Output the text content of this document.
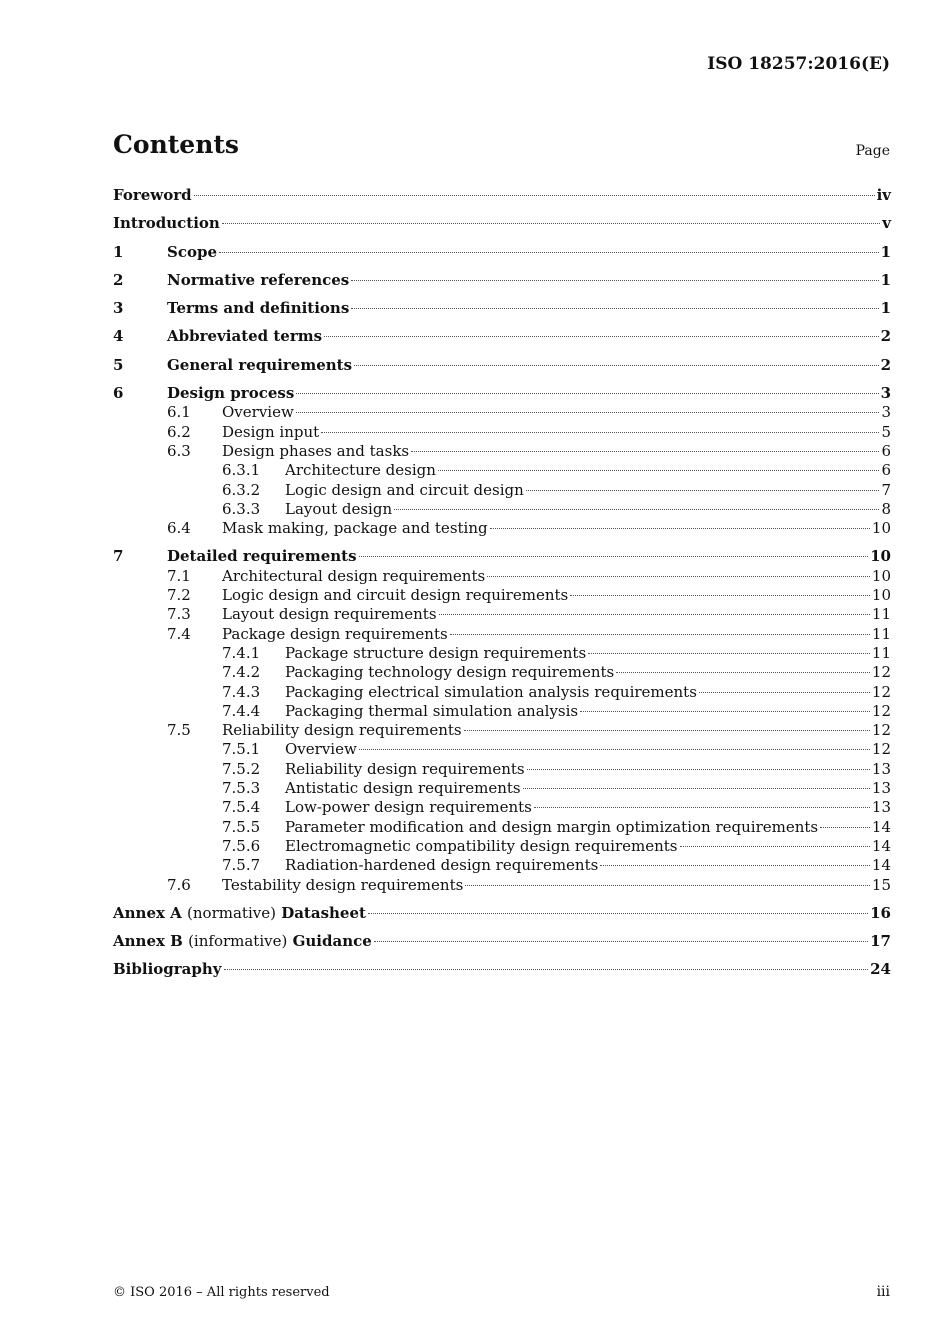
ISO 18257:2016(E)
Contents	Page
Foreword	iv
Introduction	v
1	Scope	1
2	Normative references	1
3	Terms and definitions	1
4	Abbreviated terms	2
5	General requirements	2
6	Design process	3
6.1	Overview	3
6.2	Design input	5
6.3	Design phases and tasks	6
6.3.1	Architecture design	6
6.3.2	Logic design and circuit design	7
6.3.3	Layout design	8
6.4	Mask making, package and testing	10
7	Detailed requirements	10
7.1	Architectural design requirements	10
7.2	Logic design and circuit design requirements	10
7.3	Layout design requirements	11
7.4	Package design requirements	11
7.4.1	Package structure design requirements	11
7.4.2	Packaging technology design requirements	12
7.4.3	Packaging electrical simulation analysis requirements	12
7.4.4	Packaging thermal simulation analysis	12
7.5	Reliability design requirements	12
7.5.1	Overview	12
7.5.2	Reliability design requirements	13
7.5.3	Antistatic design requirements	13
7.5.4	Low-power design requirements	13
7.5.5	Parameter modification and design margin optimization requirements	14
7.5.6	Electromagnetic compatibility design requirements	14
7.5.7	Radiation-hardened design requirements	14
7.6	Testability design requirements	15
Annex A (normative) Datasheet	16
Annex B (informative) Guidance	17
Bibliography	24
© ISO 2016 – All rights reserved	iii
